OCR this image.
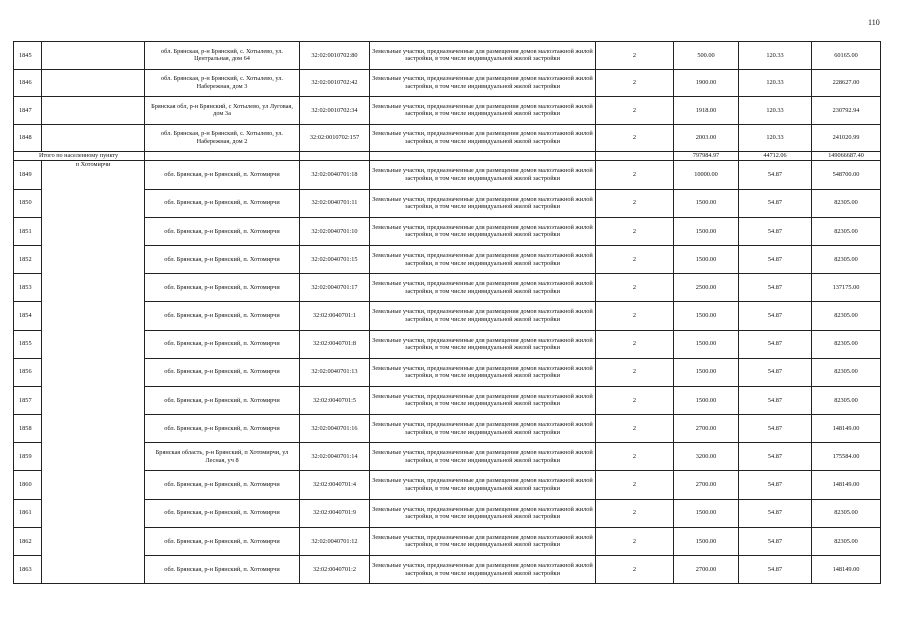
110
1845		обл. Брянская, р-н Брянский, с. Хотылево, ул. Центральная, дом 64	32:02:0010702:80	Земельные участки, предназначенные для размещения домов малоэтажной жилой застройки, в том числе индивидуальной жилой застройки	2	500.00	120.33	60165.00
1846		обл. Брянская, р-н Брянский, с. Хотылево, ул. Набережная, дом 3	32:02:0010702:42	Земельные участки, предназначенные для размещения домов малоэтажной жилой застройки, в том числе индивидуальной жилой застройки	2	1900.00	120.33	228627.00
1847		Брянская обл, р-н Брянский, с Хотылево, ул Луговая, дом 3а	32:02:0010702:34	Земельные участки, предназначенные для размещения домов малоэтажной жилой застройки, в том числе индивидуальной жилой застройки	2	1918.00	120.33	230792.94
1848		обл. Брянская, р-н Брянский, с. Хотылево, ул. Набережная, дом 2	32:02:0010702:157	Земельные участки, предназначенные для размещения домов малоэтажной жилой застройки, в том числе индивидуальной жилой застройки	2	2003.00	120.33	241020.99
Итого по населенному пункту						797984.97	44712.06	149066687.40
1849	п Хотомирчи	обл. Брянская, р-н Брянский, п. Хотомирчи	32:02:0040701:18	Земельные участки, предназначенные для размещения домов малоэтажной жилой застройки, в том числе индивидуальной жилой застройки	2	10000.00	54.87	548700.00
1850		обл. Брянская, р-н Брянский, п. Хотомирчи	32:02:0040701:11	Земельные участки, предназначенные для размещения домов малоэтажной жилой застройки, в том числе индивидуальной жилой застройки	2	1500.00	54.87	82305.00
1851		обл. Брянская, р-н Брянский, п. Хотомирчи	32:02:0040701:10	Земельные участки, предназначенные для размещения домов малоэтажной жилой застройки, в том числе индивидуальной жилой застройки	2	1500.00	54.87	82305.00
1852		обл. Брянская, р-н Брянский, п. Хотомирчи	32:02:0040701:15	Земельные участки, предназначенные для размещения домов малоэтажной жилой застройки, в том числе индивидуальной жилой застройки	2	1500.00	54.87	82305.00
1853		обл. Брянская, р-н Брянский, п. Хотомирчи	32:02:0040701:17	Земельные участки, предназначенные для размещения домов малоэтажной жилой застройки, в том числе индивидуальной жилой застройки	2	2500.00	54.87	137175.00
1854		обл. Брянская, р-н Брянский, п. Хотомирчи	32:02:0040701:1	Земельные участки, предназначенные для размещения домов малоэтажной жилой застройки, в том числе индивидуальной жилой застройки	2	1500.00	54.87	82305.00
1855		обл. Брянская, р-н Брянский, п. Хотомирчи	32:02:0040701:8	Земельные участки, предназначенные для размещения домов малоэтажной жилой застройки, в том числе индивидуальной жилой застройки	2	1500.00	54.87	82305.00
1856		обл. Брянская, р-н Брянский, п. Хотомирчи	32:02:0040701:13	Земельные участки, предназначенные для размещения домов малоэтажной жилой застройки, в том числе индивидуальной жилой застройки	2	1500.00	54.87	82305.00
1857		обл. Брянская, р-н Брянский, п. Хотомирчи	32:02:0040701:5	Земельные участки, предназначенные для размещения домов малоэтажной жилой застройки, в том числе индивидуальной жилой застройки	2	1500.00	54.87	82305.00
1858		обл. Брянская, р-н Брянский, п. Хотомирчи	32:02:0040701:16	Земельные участки, предназначенные для размещения домов малоэтажной жилой застройки, в том числе индивидуальной жилой застройки	2	2700.00	54.87	148149.00
1859		Брянская область, р-н Брянский, п Хотомирчи, ул Лесная, уч 8	32:02:0040701:14	Земельные участки, предназначенные для размещения домов малоэтажной жилой застройки, в том числе индивидуальной жилой застройки	2	3200.00	54.87	175584.00
1860		обл. Брянская, р-н Брянский, п. Хотомирчи	32:02:0040701:4	Земельные участки, предназначенные для размещения домов малоэтажной жилой застройки, в том числе индивидуальной жилой застройки	2	2700.00	54.87	148149.00
1861		обл. Брянская, р-н Брянский, п. Хотомирчи	32:02:0040701:9	Земельные участки, предназначенные для размещения домов малоэтажной жилой застройки, в том числе индивидуальной жилой застройки	2	1500.00	54.87	82305.00
1862		обл. Брянская, р-н Брянский, п. Хотомирчи	32:02:0040701:12	Земельные участки, предназначенные для размещения домов малоэтажной жилой застройки, в том числе индивидуальной жилой застройки	2	1500.00	54.87	82305.00
1863		обл. Брянская, р-н Брянский, п. Хотомирчи	32:02:0040701:2	Земельные участки, предназначенные для размещения домов малоэтажной жилой застройки, в том числе индивидуальной жилой застройки	2	2700.00	54.87	148149.00
